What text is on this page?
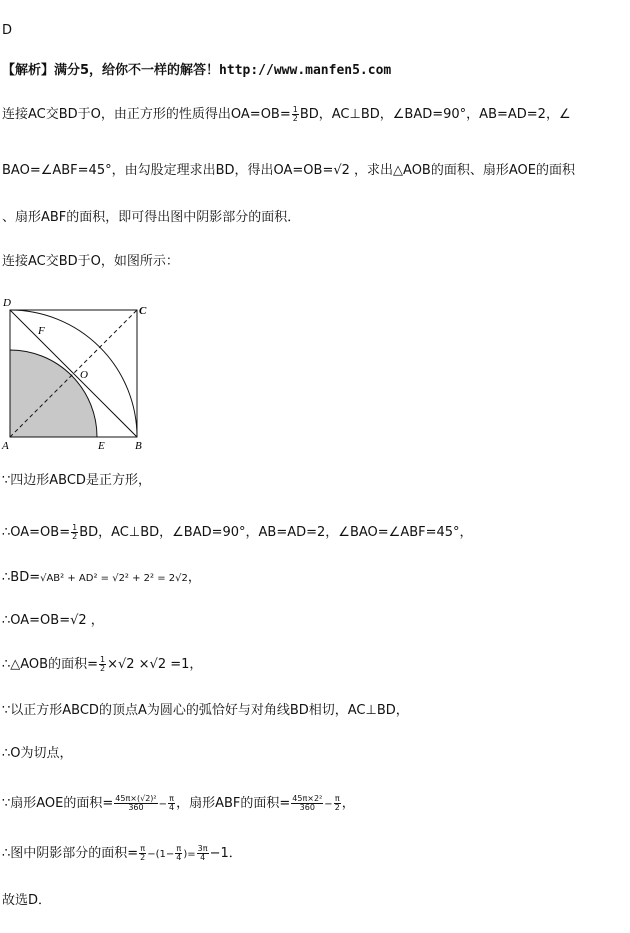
D
【解析】满分5，给你不一样的解答！http://www.manfen5.com
连接AC交BD于O，由正方形的性质得出$OA=OB= \frac{1}{2}$ BD，AC⊥BD，∠BAD=90°，AB=AD=2，∠
BAO=∠ABF=45°，由勾股定理求出BD，得出OA=OB=√2 ，求出△AOB的面积、扇形AOE的面积
、扇形ABF的面积，即可得出图中阴影部分的面积．
连接AC交BD于O，如图所示：
D
C
F
O
A	E	B
∵四边形ABCD是正方形，
∴OA=OB= $\frac{1}{2}$ BD，AC⊥BD，∠BAD=90°，AB=AD=2，∠BAO=∠ABF=45°，
∴BD=√AB² + AD² = √2² + 2² = 2√2，
∴OA=OB=√2 ，
∴△AOB的面积= $\frac{1}{2} \times√2 \times√2 =1$，
∵以正方形ABCD的顶点A为圆心的弧恰好与对角线BD相切，AC⊥BD，
∴O为切点，
∵扇形AOE的面积= $\frac{\text{45π×(√2)²}}{360} - \frac{\pi}{4}$ ，扇形ABF的面积= $\frac{\text{45π×2²}}{360} - \frac{\pi}{2}$ ，
∴图中阴影部分的面积= $\frac{\pi}{2} -(1- \frac{\pi}{4}$ )= $\frac{3\pi}{4} -1$．
故选D．
